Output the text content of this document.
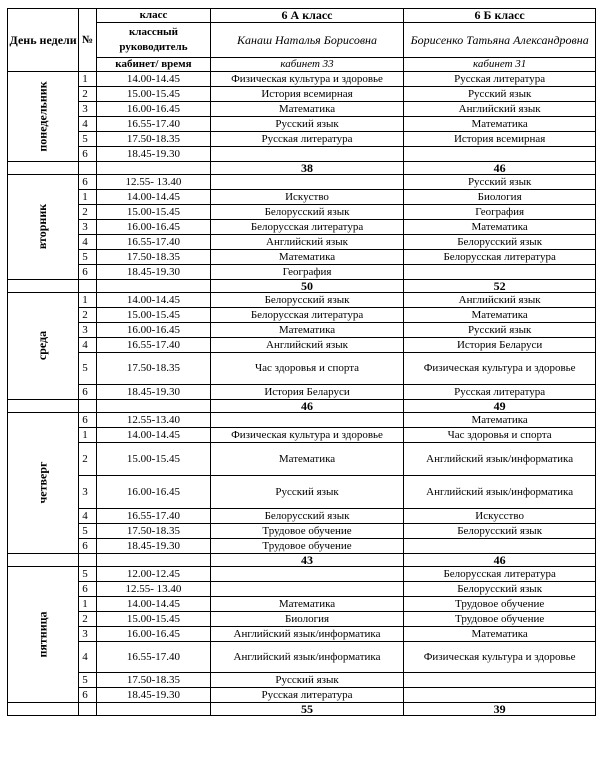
День недели	№	класс	6 А класс	6 Б класс
		классный руководитель	Канаш Наталья Борисовна	Борисенко Татьяна Александровна

		кабинет/ время	кабинет 33	кабинет 31
понедельник	1	14.00-14.45	Физическая культура и здоровье	Русская литература
	2	15.00-15.45	История всемирная	Русский язык
	3	16.00-16.45	Математика	Английский язык
	4	16.55-17.40	Русский язык	Математика
	5	17.50-18.35	Русская литература	История всемирная
	6	18.45-19.30		
			38	46
вторник	6	12.55- 13.40		Русский язык
	1	14.00-14.45	Искуство	Биология
	2	15.00-15.45	Белорусский язык	География
	3	16.00-16.45	Белорусская литература	Математика
	4	16.55-17.40	Английский язык	Белорусский язык
	5	17.50-18.35	Математика	Белорусская литература
	6	18.45-19.30	География	
			50	52
среда	1	14.00-14.45	Белорусский язык	Английский язык
	2	15.00-15.45	Белорусская литература	Математика
	3	16.00-16.45	Математика	Русский язык
	4	16.55-17.40	Английский язык	История Беларуси
	5	17.50-18.35	Час здоровья и спорта	Физическая культура и здоровье
	6	18.45-19.30	История Беларуси	Русская литература
			46	49
четверг	6	12.55-13.40		Математика
	1	14.00-14.45	Физическая культура и здоровье	Час здоровья и спорта
	2	15.00-15.45	Математика	Английский язык/информатика
	3	16.00-16.45	Русский язык	Английский язык/информатика
	4	16.55-17.40	Белорусский язык	Искусство
	5	17.50-18.35	Трудовое обучение	Белорусский язык
	6	18.45-19.30	Трудовое обучение	
			43	46
пятница	5	12.00-12.45		Белорусская литература
	6	12.55- 13.40		Белорусский язык
	1	14.00-14.45	Математика	Трудовое обучение
	2	15.00-15.45	Биология	Трудовое обучение
	3	16.00-16.45	Английский язык/информатика	Математика
	4	16.55-17.40	Английский язык/информатика	Физическая культура и здоровье
	5	17.50-18.35	Русский язык	
	6	18.45-19.30	Русская литература	
			55	39
